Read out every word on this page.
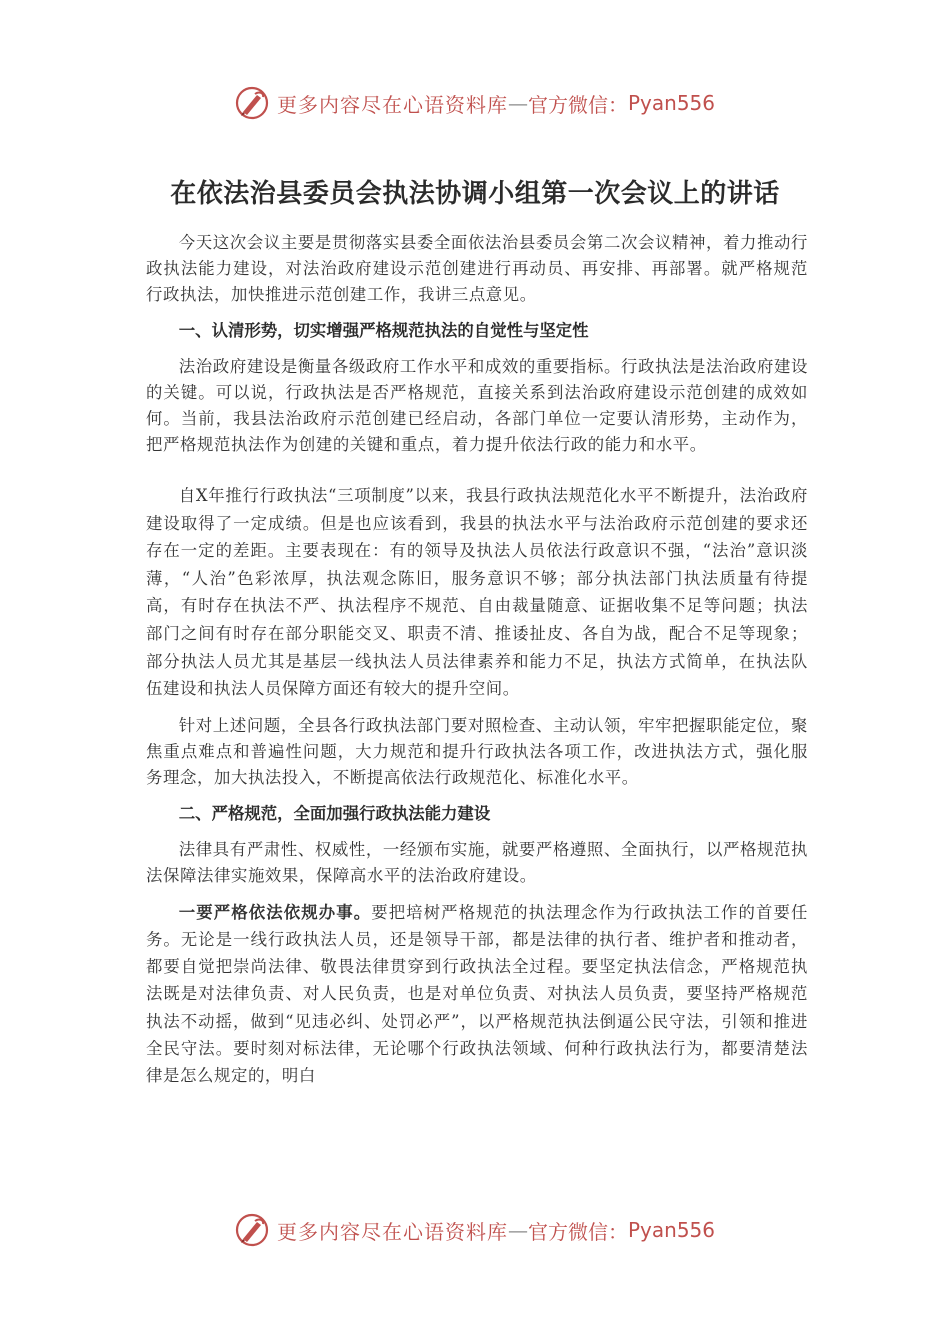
更多内容尽在心语资料库 — 官方微信： Pyan556
在依法治县委员会执法协调小组第一次会议上的讲话

今天这次会议主要是贯彻落实县委全面依法治县委员会第二次会议精神，着力推动行政执法能力建设，对法治政府建设示范创建进行再动员、再安排、再部署。就严格规范行政执法，加快推进示范创建工作，我讲三点意见。

一、认清形势，切实增强严格规范执法的自觉性与坚定性

法治政府建设是衡量各级政府工作水平和成效的重要指标。行政执法是法治政府建设的关键。可以说，行政执法是否严格规范，直接关系到法治政府建设示范创建的成效如何。当前，我县法治政府示范创建已经启动，各部门单位一定要认清形势，主动作为，把严格规范执法作为创建的关键和重点，着力提升依法行政的能力和水平。

自X年推行行政执法“三项制度”以来，我县行政执法规范化水平不断提升，法治政府建设取得了一定成绩。但是也应该看到，我县的执法水平与法治政府示范创建的要求还存在一定的差距。主要表现在：有的领导及执法人员依法行政意识不强，“法治”意识淡薄，“人治”色彩浓厚，执法观念陈旧，服务意识不够；部分执法部门执法质量有待提高，有时存在执法不严、执法程序不规范、自由裁量随意、证据收集不足等问题；执法部门之间有时存在部分职能交叉、职责不清、推诿扯皮、各自为战，配合不足等现象；部分执法人员尤其是基层一线执法人员法律素养和能力不足，执法方式简单，在执法队伍建设和执法人员保障方面还有较大的提升空间。

针对上述问题，全县各行政执法部门要对照检查、主动认领，牢牢把握职能定位，聚焦重点难点和普遍性问题，大力规范和提升行政执法各项工作，改进执法方式，强化服务理念，加大执法投入，不断提高依法行政规范化、标准化水平。

二、严格规范，全面加强行政执法能力建设

法律具有严肃性、权威性，一经颁布实施，就要严格遵照、全面执行，以严格规范执法保障法律实施效果，保障高水平的法治政府建设。

一要严格依法依规办事。要把培树严格规范的执法理念作为行政执法工作的首要任务。无论是一线行政执法人员，还是领导干部，都是法律的执行者、维护者和推动者，都要自觉把崇尚法律、敬畏法律贯穿到行政执法全过程。要坚定执法信念，严格规范执法既是对法律负责、对人民负责，也是对单位负责、对执法人员负责，要坚持严格规范执法不动摇，做到“见违必纠、处罚必严”，以严格规范执法倒逼公民守法，引领和推进全民守法。要时刻对标法律，无论哪个行政执法领域、何种行政执法行为，都要清楚法律是怎么规定的，明白

更多内容尽在心语资料库 — 官方微信： Pyan556
